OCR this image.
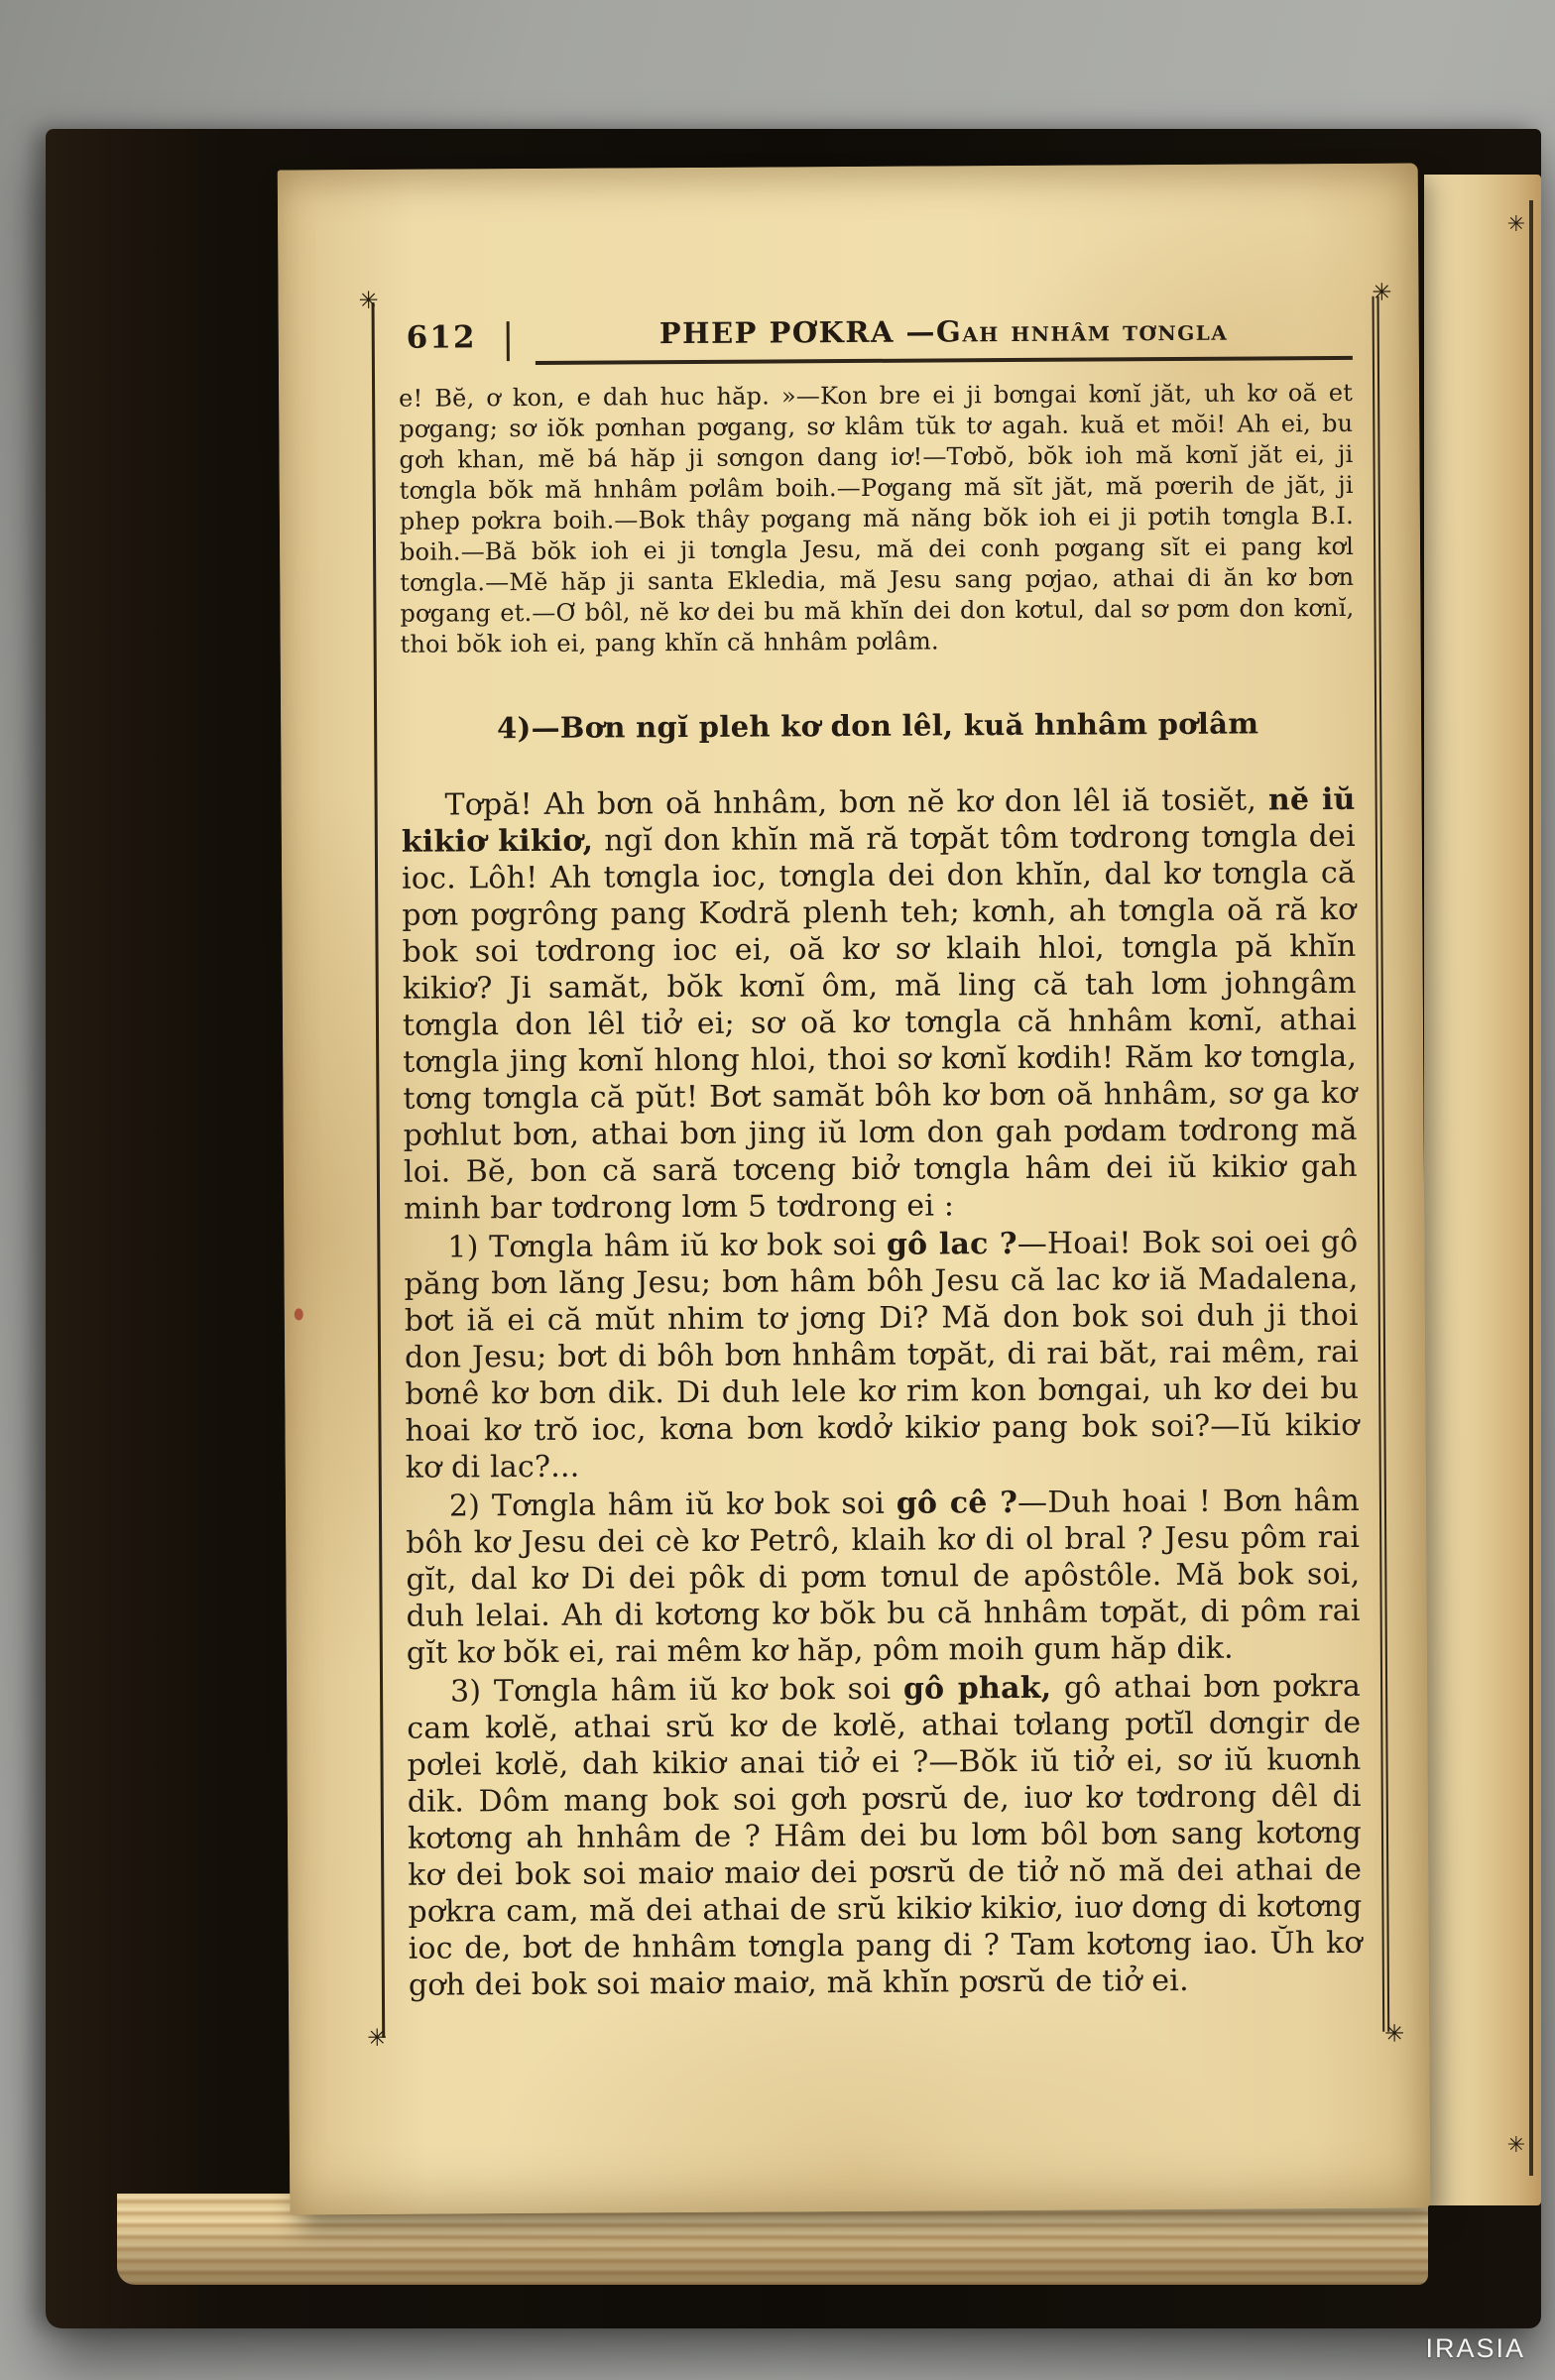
✳
✳
✳	✳
✳	✳
612	PHEP PƠKRA —Gah hnhâm tơngla

e! Bĕ, ơ kon, e dah huc hăp. »—Kon bre ei ji bơngai kơnĭ jăt, uh kơ oă et pơgang; sơ iŏk pơnhan pơgang, sơ klâm tŭk tơ agah. kuă et mŏi! Ah ei, bu gơh khan, mĕ bá hăp ji sơngon dang iơ!—Tơbŏ, bŏk ioh mă kơnĭ jăt ei, ji tơngla bŏk mă hnhâm pơlâm boih.—Pơgang mă sĭt jăt, mă pơerih de jăt, ji phep pơkra boih.—Bok thây pơgang mă năng bŏk ioh ei ji pơtih tơngla B.I. boih.—Bă bŏk ioh ei ji tơngla Jesu, mă dei conh pơgang sĭt ei pang kơl tơngla.—Mĕ hăp ji santa Ekledia, mă Jesu sang pơjao, athai di ăn kơ bơn pơgang et.—Ơ bôl, nĕ kơ dei bu mă khĭn dei don kơtul, dal sơ pơm don kơnĭ, thoi bŏk ioh ei, pang khĭn că hnhâm pơlâm.

4)—Bơn ngĭ pleh kơ don lêl, kuă hnhâm pơlâm

Tơpă! Ah bơn oă hnhâm, bơn nĕ kơ don lêl iă tosiĕt, nĕ iŭ kikiơ kikiơ, ngĭ don khĭn mă ră tơpăt tôm tơdrong tơngla dei ioc. Lôh! Ah tơngla ioc, tơngla dei don khĭn, dal kơ tơngla că pơn pơgrông pang Kơdră plenh teh; kơnh, ah tơngla oă ră kơ bok soi tơdrong ioc ei, oă kơ sơ klaih hloi, tơngla pă khĭn kikiơ? Ji samăt, bŏk kơnĭ ôm, mă ling că tah lơm johngâm tơngla don lêl tiở ei; sơ oă kơ tơngla că hnhâm kơnĭ, athai tơngla jing kơnĭ hlong hloi, thoi sơ kơnĭ kơdih! Răm kơ tơngla, tơng tơngla că pŭt! Bơt samăt bôh kơ bơn oă hnhâm, sơ ga kơ pơhlut bơn, athai bơn jing iŭ lơm don gah pơdam tơdrong mă loi. Bĕ, bon că sară tơceng biở tơngla hâm dei iŭ kikiơ gah minh bar tơdrong lơm 5 tơdrong ei :

1) Tơngla hâm iŭ kơ bok soi gô lac ?—Hoai! Bok soi oei gô păng bơn lăng Jesu; bơn hâm bôh Jesu că lac kơ iă Madalena, bơt iă ei că mŭt nhim tơ jơng Di? Mă don bok soi duh ji thoi don Jesu; bơt di bôh bơn hnhâm tơpăt, di rai băt, rai mêm, rai bơnê kơ bơn dik. Di duh lele kơ rim kon bơngai, uh kơ dei bu hoai kơ trŏ ioc, kơna bơn kơdở kikiơ pang bok soi?—Iŭ kikiơ kơ di lac?...

2) Tơngla hâm iŭ kơ bok soi gô cê ?—Duh hoai ! Bơn hâm bôh kơ Jesu dei cè kơ Petrô, klaih kơ di ol bral ? Jesu pôm rai gĭt, dal kơ Di dei pôk di pơm tơnul de apôstôle. Mă bok soi, duh lelai. Ah di kơtơng kơ bŏk bu că hnhâm tơpăt, di pôm rai gĭt kơ bŏk ei, rai mêm kơ hăp, pôm moih gum hăp dik.

3) Tơngla hâm iŭ kơ bok soi gô phak, gô athai bơn pơkra cam kơlĕ, athai srŭ kơ de kơlĕ, athai tơlang pơtĭl dơngir de pơlei kơlĕ, dah kikiơ anai tiở ei ?—Bŏk iŭ tiở ei, sơ iŭ kuơnh dik. Dôm mang bok soi gơh pơsrŭ de, iuơ kơ tơdrong dêl di kơtơng ah hnhâm de ? Hâm dei bu lơm bôl bơn sang kơtơng kơ dei bok soi maiơ maiơ dei pơsrŭ de tiở nŏ mă dei athai de pơkra cam, mă dei athai de srŭ kikiơ kikiơ, iuơ dơng di kơtơng ioc de, bơt de hnhâm tơngla pang di ? Tam kơtơng iao. Ŭh kơ gơh dei bok soi maiơ maiơ, mă khĭn pơsrŭ de tiở ei.

IRASIA
